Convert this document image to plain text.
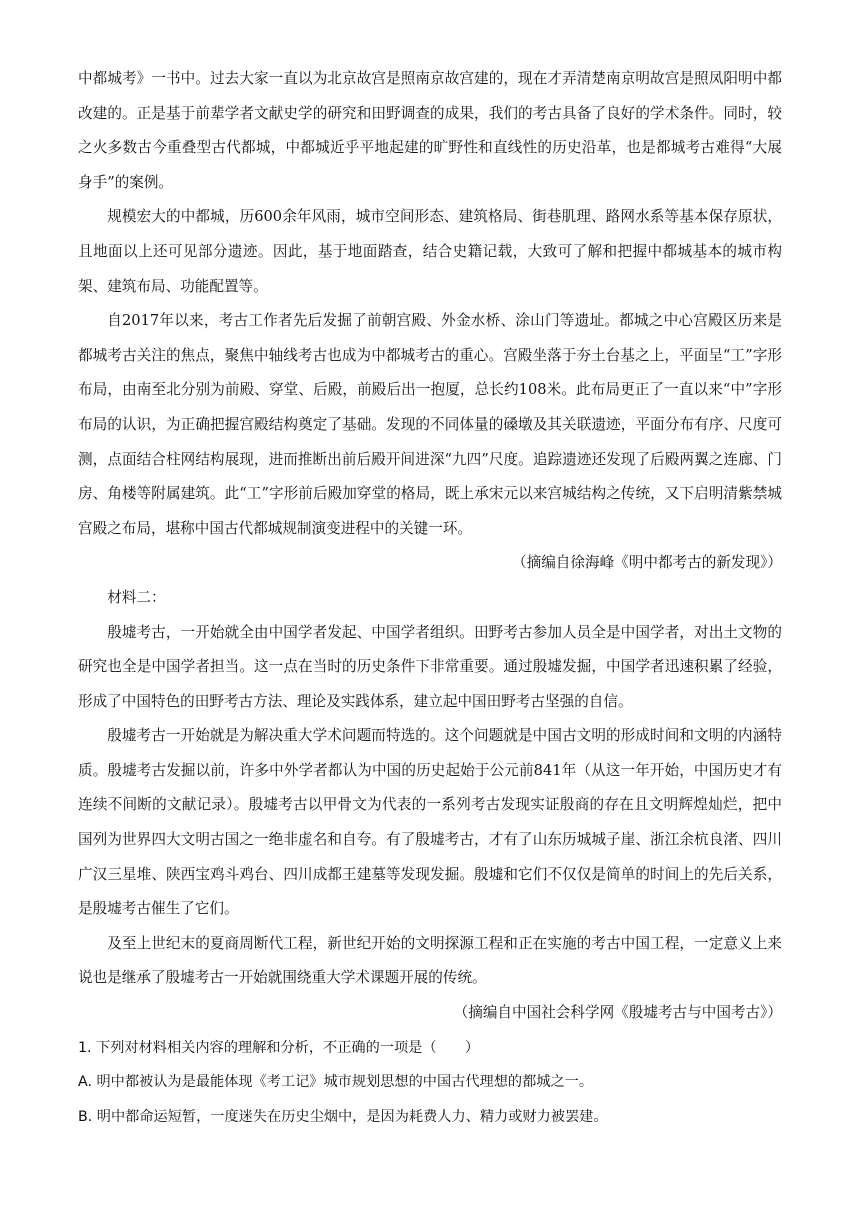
中都城考》一书中。过去大家一直以为北京故宫是照南京故宫建的，现在才弄清楚南京明故宫是照凤阳明中都改建的。正是基于前辈学者文献史学的研究和田野调查的成果，我们的考古具备了良好的学术条件。同时，较之火多数古今重叠型古代都城，中都城近乎平地起建的旷野性和直线性的历史沿革，也是都城考古难得“大展身手”的案例。

规模宏大的中都城，历600余年风雨，城市空间形态、建筑格局、街巷肌理、路网水系等基本保存原状，且地面以上还可见部分遗迹。因此，基于地面踏查，结合史籍记载，大致可了解和把握中都城基本的城市构架、建筑布局、功能配置等。

自2017年以来，考古工作者先后发掘了前朝宫殿、外金水桥、涂山门等遗址。都城之中心宫殿区历来是都城考古关注的焦点，聚焦中轴线考古也成为中都城考古的重心。宫殿坐落于夯土台基之上，平面呈“工”字形布局，由南至北分别为前殿、穿堂、后殿，前殿后出一抱厦，总长约108米。此布局更正了一直以来“中”字形布局的认识，为正确把握宫殿结构奠定了基础。发现的不同体量的磉墩及其关联遗迹，平面分布有序、尺度可测，点面结合柱网结构展现，进而推断出前后殿开间进深“九四”尺度。追踪遗迹还发现了后殿两翼之连廊、门房、角楼等附属建筑。此“工”字形前后殿加穿堂的格局，既上承宋元以来宫城结构之传统，又下启明清紫禁城宫殿之布局，堪称中国古代都城规制演变进程中的关键一环。

（摘编自徐海峰《明中都考古的新发现》）

材料二：

殷墟考古，一开始就全由中国学者发起、中国学者组织。田野考古参加人员全是中国学者，对出土文物的研究也全是中国学者担当。这一点在当时的历史条件下非常重要。通过殷墟发掘，中国学者迅速积累了经验，形成了中国特色的田野考古方法、理论及实践体系，建立起中国田野考古坚强的自信。

殷墟考古一开始就是为解决重大学术问题而特选的。这个问题就是中国古文明的形成时间和文明的内涵特质。殷墟考古发掘以前，许多中外学者都认为中国的历史起始于公元前841年（从这一年开始，中国历史才有连续不间断的文献记录）。殷墟考古以甲骨文为代表的一系列考古发现实证殷商的存在且文明辉煌灿烂，把中国列为世界四大文明古国之一绝非虚名和自夸。有了殷墟考古，才有了山东历城城子崖、浙江余杭良渚、四川广汉三星堆、陕西宝鸡斗鸡台、四川成都王建墓等发现发掘。殷墟和它们不仅仅是简单的时间上的先后关系，是殷墟考古催生了它们。

及至上世纪末的夏商周断代工程，新世纪开始的文明探源工程和正在实施的考古中国工程，一定意义上来说也是继承了殷墟考古一开始就围绕重大学术课题开展的传统。

（摘编自中国社会科学网《殷墟考古与中国考古》）

1. 下列对材料相关内容的理解和分析，不正确的一项是（　　）

A. 明中都被认为是最能体现《考工记》城市规划思想的中国古代理想的都城之一。

B. 明中都命运短暂，一度迷失在历史尘烟中，是因为耗费人力、精力或财力被罢建。
